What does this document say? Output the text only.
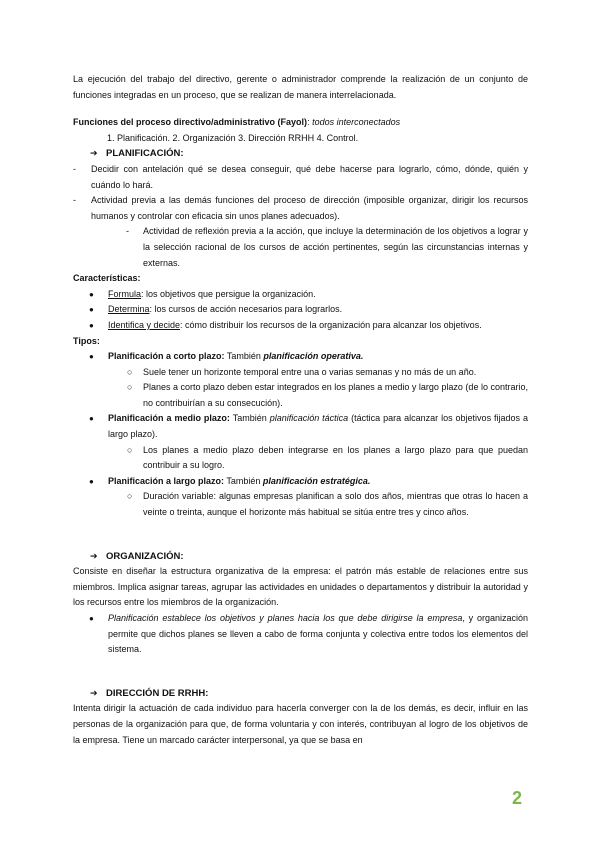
La ejecución del trabajo del directivo, gerente o administrador comprende la realización de un conjunto de funciones integradas en un proceso, que se realizan de manera interrelacionada.

Funciones del proceso directivo/administrativo (Fayol): todos interconectados

1. Planificación. 2. Organización 3. Dirección RRHH 4. Control.

➔ PLANIFICACIÓN:
- Decidir con antelación qué se desea conseguir, qué debe hacerse para lograrlo, cómo, dónde, quién y cuándo lo hará.
- Actividad previa a las demás funciones del proceso de dirección (imposible organizar, dirigir los recursos humanos y controlar con eficacia sin unos planes adecuados).
- Actividad de reflexión previa a la acción, que incluye la determinación de los objetivos a lograr y la selección racional de los cursos de acción pertinentes, según las circunstancias internas y externas.

Características:

● Formula: los objetivos que persigue la organización.
● Determina: los cursos de acción necesarios para lograrlos.
● Identifica y decide: cómo distribuir los recursos de la organización para alcanzar los objetivos.

Tipos:

● Planificación a corto plazo: También planificación operativa.
○ Suele tener un horizonte temporal entre una o varias semanas y no más de un año.
○ Planes a corto plazo deben estar integrados en los planes a medio y largo plazo (de lo contrario, no contribuirían a su consecución).
● Planificación a medio plazo: También planificación táctica (táctica para alcanzar los objetivos fijados a largo plazo).
○ Los planes a medio plazo deben integrarse en los planes a largo plazo para que puedan contribuir a su logro.
● Planificación a largo plazo: También planificación estratégica.
○ Duración variable: algunas empresas planifican a solo dos años, mientras que otras lo hacen a veinte o treinta, aunque el horizonte más habitual se sitúa entre tres y cinco años.
➔ ORGANIZACIÓN:

Consiste en diseñar la estructura organizativa de la empresa: el patrón más estable de relaciones entre sus miembros. Implica asignar tareas, agrupar las actividades en unidades o departamentos y distribuir la autoridad y los recursos entre los miembros de la organización.

● Planificación establece los objetivos y planes hacia los que debe dirigirse la empresa, y organización permite que dichos planes se lleven a cabo de forma conjunta y colectiva entre todos los elementos del sistema.
➔ DIRECCIÓN DE RRHH:

Intenta dirigir la actuación de cada individuo para hacerla converger con la de los demás, es decir, influir en las personas de la organización para que, de forma voluntaria y con interés, contribuyan al logro de los objetivos de la empresa. Tiene un marcado carácter interpersonal, ya que se basa en

2
